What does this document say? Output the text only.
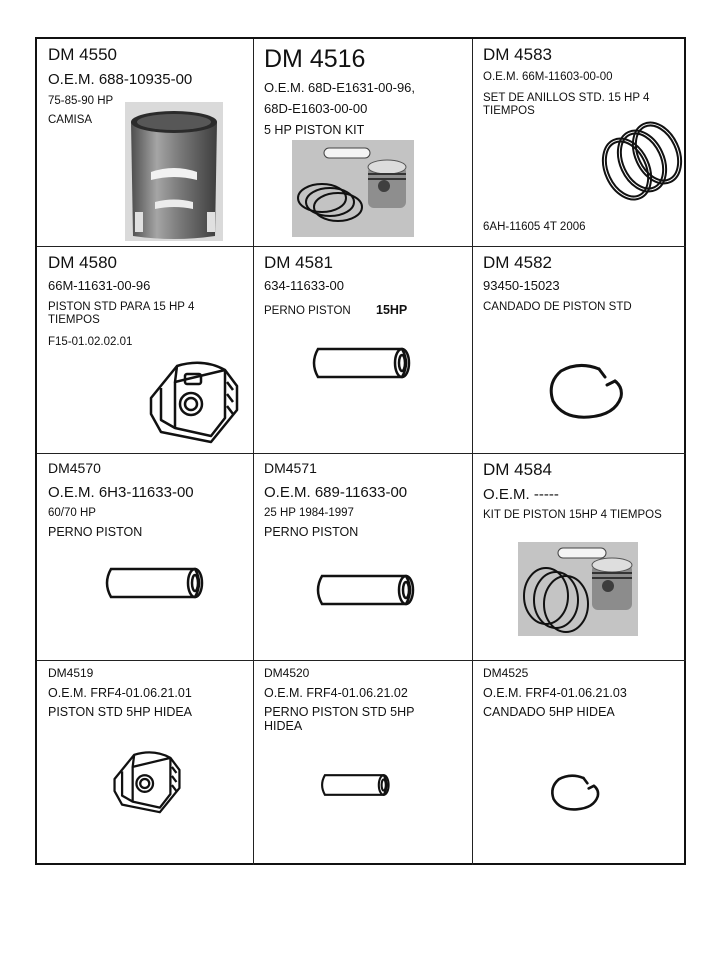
DM 4550
O.E.M. 688-10935-00
75-85-90 HP
CAMISA
DM 4516
O.E.M. 68D-E1631-00-96,
68D-E1603-00-00
5 HP PISTON KIT
DM 4583
O.E.M. 66M-11603-00-00
SET DE ANILLOS STD. 15 HP 4 TIEMPOS
6AH-11605 4T 2006
DM 4580
66M-11631-00-96
PISTON STD PARA 15 HP 4 TIEMPOS
F15-01.02.02.01
DM 4581
634-11633-00
PERNO PISTON 15HP
DM 4582
93450-15023
CANDADO DE PISTON STD
DM4570
O.E.M. 6H3-11633-00
60/70 HP
PERNO PISTON
DM4571
O.E.M. 689-11633-00
25 HP 1984-1997
PERNO PISTON
DM 4584
O.E.M. -----
KIT DE PISTON 15HP 4 TIEMPOS
DM4519
O.E.M. FRF4-01.06.21.01
PISTON STD 5HP HIDEA
DM4520
O.E.M. FRF4-01.06.21.02
PERNO PISTON STD 5HP HIDEA
DM4525
O.E.M. FRF4-01.06.21.03
CANDADO 5HP HIDEA
